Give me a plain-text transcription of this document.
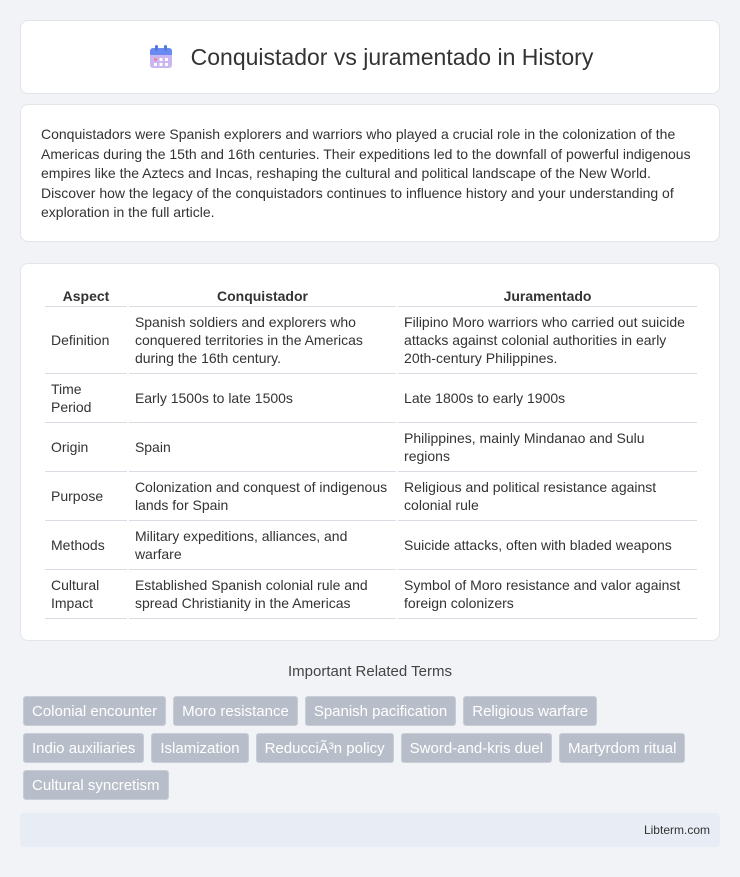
Conquistador vs juramentado in History

Conquistadors were Spanish explorers and warriors who played a crucial role in the colonization of the Americas during the 15th and 16th centuries. Their expeditions led to the downfall of powerful indigenous empires like the Aztecs and Incas, reshaping the cultural and political landscape of the New World. Discover how the legacy of the conquistadors continues to influence history and your understanding of exploration in the full article.

Aspect	Conquistador	Juramentado
Definition	Spanish soldiers and explorers who conquered territories in the Americas during the 16th century.	Filipino Moro warriors who carried out suicide attacks against colonial authorities in early 20th-century Philippines.
Time Period	Early 1500s to late 1500s	Late 1800s to early 1900s
Origin	Spain	Philippines, mainly Mindanao and Sulu regions
Purpose	Colonization and conquest of indigenous lands for Spain	Religious and political resistance against colonial rule
Methods	Military expeditions, alliances, and warfare	Suicide attacks, often with bladed weapons
Cultural Impact	Established Spanish colonial rule and spread Christianity in the Americas	Symbol of Moro resistance and valor against foreign colonizers
Important Related Terms
Colonial encounter	Moro resistance	Spanish pacification	Religious warfare
Indio auxiliaries	Islamization	ReducciÃ³n policy	Sword-and-kris duel	Martyrdom ritual
Cultural syncretism
Libterm.com
